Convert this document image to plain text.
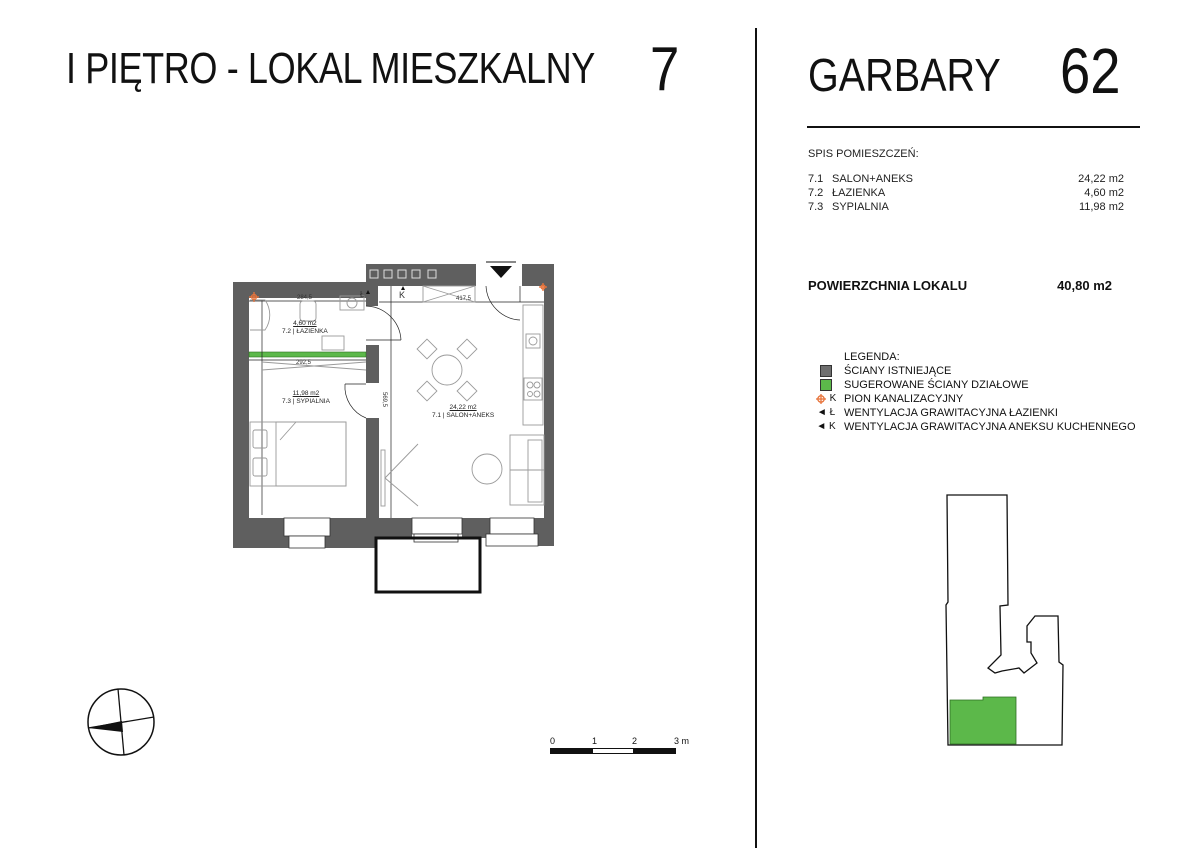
I PIĘTRO - LOKAL MIESZKALNY 7	GARBARY 62
SPIS POMIESZCZEŃ:
7.1 SALON+ANEKS	24,22 m2
7.2 ŁAZIENKA	4,60 m2
7.3 SYPIALNIA	11,98 m2
POWIERZCHNIA LOKALU	40,80 m2
LEGENDA:
ŚCIANY ISTNIEJĄCE
SUGEROWANE ŚCIANY DZIAŁOWE
K PION KANALIZACYJNY
◄ Ł WENTYLACJA GRAWITACYJNA ŁAZIENKI
◄ K WENTYLACJA GRAWITACYJNA ANEKSU KUCHENNEGO
K
Ł
284,5
292,5
417,5
569,5
4,60 m2
7.2 | ŁAZIENKA
11,98 m2
7.3 | SYPIALNIA
24,22 m2
7.1 | SALON+ANEKS
0	1	2	3 m
